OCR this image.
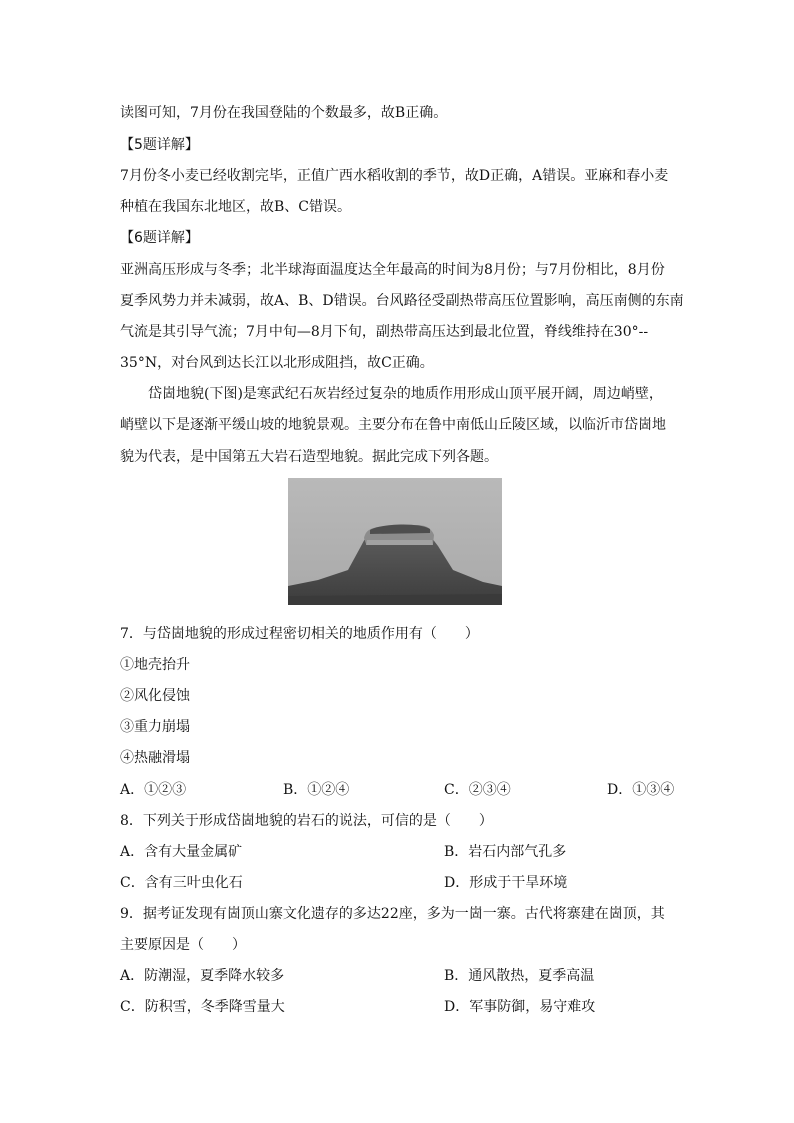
读图可知，7月份在我国登陆的个数最多，故B正确。
【5题详解】
7月份冬小麦已经收割完毕，正值广西水稻收割的季节，故D正确，A错误。亚麻和春小麦
种植在我国东北地区，故B、C错误。
【6题详解】
亚洲高压形成与冬季；北半球海面温度达全年最高的时间为8月份；与7月份相比，8月份
夏季风势力并未减弱，故A、B、D错误。台风路径受副热带高压位置影响，高压南侧的东南
气流是其引导气流；7月中旬—8月下旬，副热带高压达到最北位置，脊线维持在30°--
35°N，对台风到达长江以北形成阻挡，故C正确。
岱崮地貌(下图)是寒武纪石灰岩经过复杂的地质作用形成山顶平展开阔，周边峭壁，
峭壁以下是逐渐平缓山坡的地貌景观。主要分布在鲁中南低山丘陵区域，以临沂市岱崮地
貌为代表，是中国第五大岩石造型地貌。据此完成下列各题。
7．与岱崮地貌的形成过程密切相关的地质作用有（　　）
①地壳抬升
②风化侵蚀
③重力崩塌
④热融滑塌
A．①②③	B．①②④	C．②③④	D．①③④
8．下列关于形成岱崮地貌的岩石的说法，可信的是（　　）
A．含有大量金属矿	B．岩石内部气孔多
C．含有三叶虫化石	D．形成于干旱环境
9．据考证发现有崮顶山寨文化遗存的多达22座，多为一崮一寨。古代将寨建在崮顶，其
主要原因是（　　）
A．防潮湿，夏季降水较多	B．通风散热，夏季高温
C．防积雪，冬季降雪量大	D．军事防御，易守难攻
